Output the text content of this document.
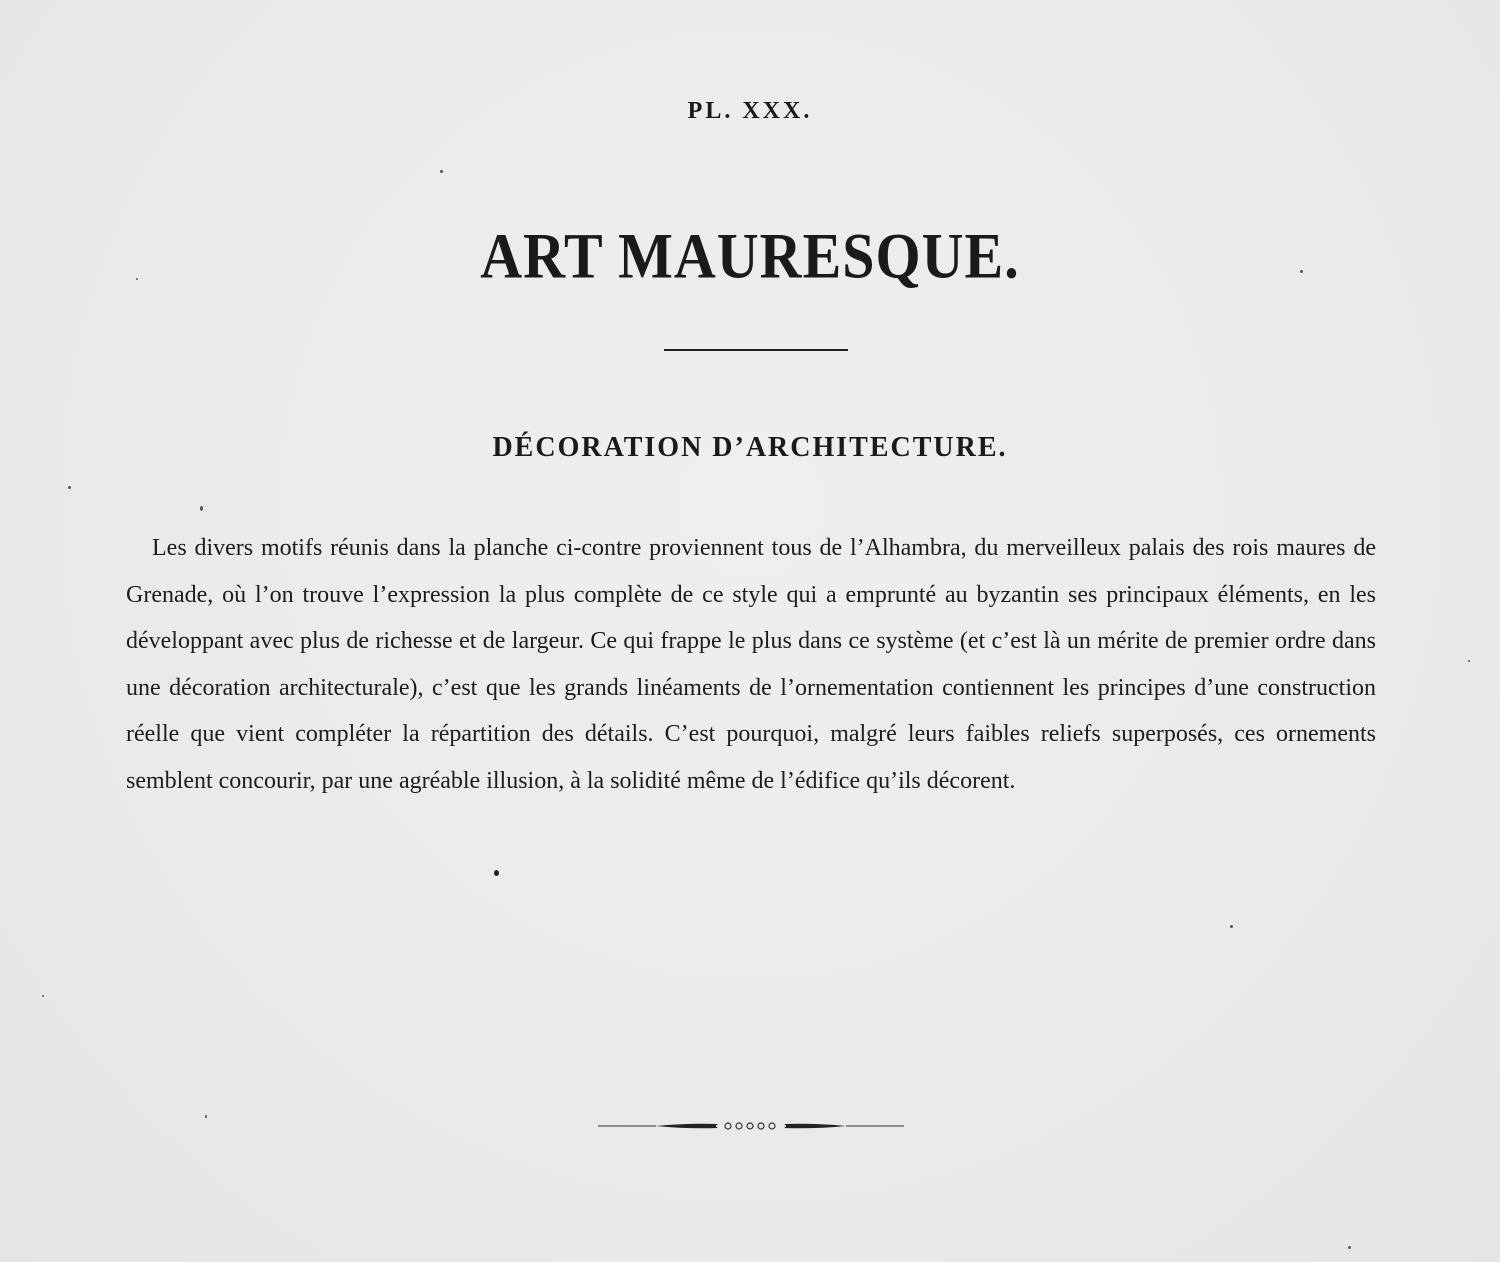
PL. XXX.
ART MAURESQUE.
DÉCORATION D’ARCHITECTURE.
Les divers motifs réunis dans la planche ci-contre proviennent tous de l’Alhambra, du merveilleux palais des rois maures de Grenade, où l’on trouve l’expression la plus complète de ce style qui a emprunté au byzantin ses principaux éléments, en les développant avec plus de richesse et de largeur. Ce qui frappe le plus dans ce système (et c’est là un mérite de premier ordre dans une décoration architecturale), c’est que les grands linéaments de l’ornementation contiennent les principes d’une construction réelle que vient compléter la répartition des détails. C’est pourquoi, malgré leurs faibles reliefs superposés, ces ornements semblent concourir, par une agréable illusion, à la solidité même de l’édifice qu’ils décorent.
